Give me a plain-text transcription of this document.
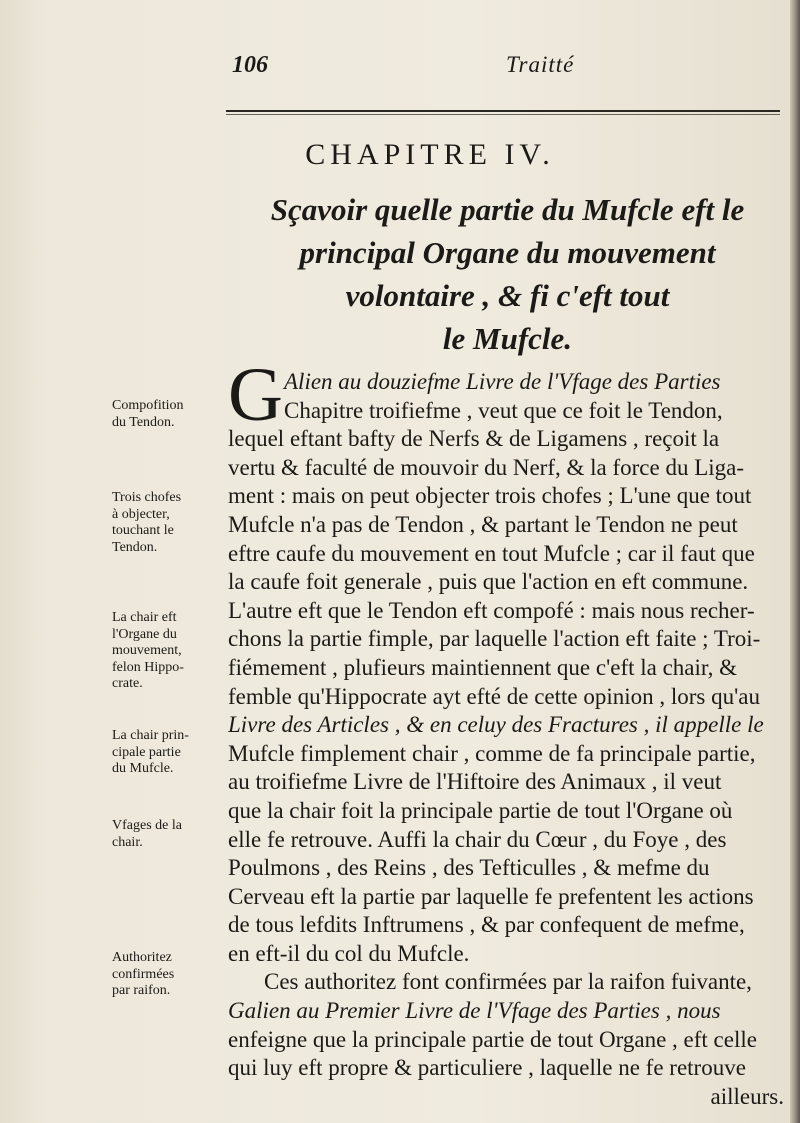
106	Traitté
CHAPITRE IV.
Sçavoir quelle partie du Mufcle eft le
principal Organe du mouvement
volontaire , & fi c'eft tout
le Mufcle.
G Alien au douziefme Livre de l'Vfage des Parties
Chapitre troifiefme , veut que ce foit le Tendon,
lequel eftant bafty de Nerfs & de Ligamens , reçoit la
vertu & faculté de mouvoir du Nerf, & la force du Liga-
ment : mais on peut objecter trois chofes ; L'une que tout
Mufcle n'a pas de Tendon , & partant le Tendon ne peut
eftre caufe du mouvement en tout Mufcle ; car il faut que
la caufe foit generale , puis que l'action en eft commune.
L'autre eft que le Tendon eft compofé : mais nous recher-
chons la partie fimple, par laquelle l'action eft faite ; Troi-
fiémement , plufieurs maintiennent que c'eft la chair, &
femble qu'Hippocrate ayt efté de cette opinion , lors qu'au
Livre des Articles , & en celuy des Fractures , il appelle le
Mufcle fimplement chair , comme de fa principale partie,
au troifiefme Livre de l'Hiftoire des Animaux , il veut
que la chair foit la principale partie de tout l'Organe où
elle fe retrouve. Auffi la chair du Cœur , du Foye , des
Poulmons , des Reins , des Tefticulles , & mefme du
Cerveau eft la partie par laquelle fe prefentent les actions
de tous lefdits Inftrumens , & par confequent de mefme,
en eft-il du col du Mufcle.
Ces authoritez font confirmées par la raifon fuivante,
Galien au Premier Livre de l'Vfage des Parties , nous
enfeigne que la principale partie de tout Organe , eft celle
qui luy eft propre & particuliere , laquelle ne fe retrouve
ailleurs.

Compofition
du Tendon.

Trois chofes
à objecter,
touchant le
Tendon.

La chair eft
l'Organe du
mouvement,
felon Hippo-
crate.

La chair prin-
cipale partie
du Mufcle.

Vfages de la
chair.

Authoritez
confirmées
par raifon.
